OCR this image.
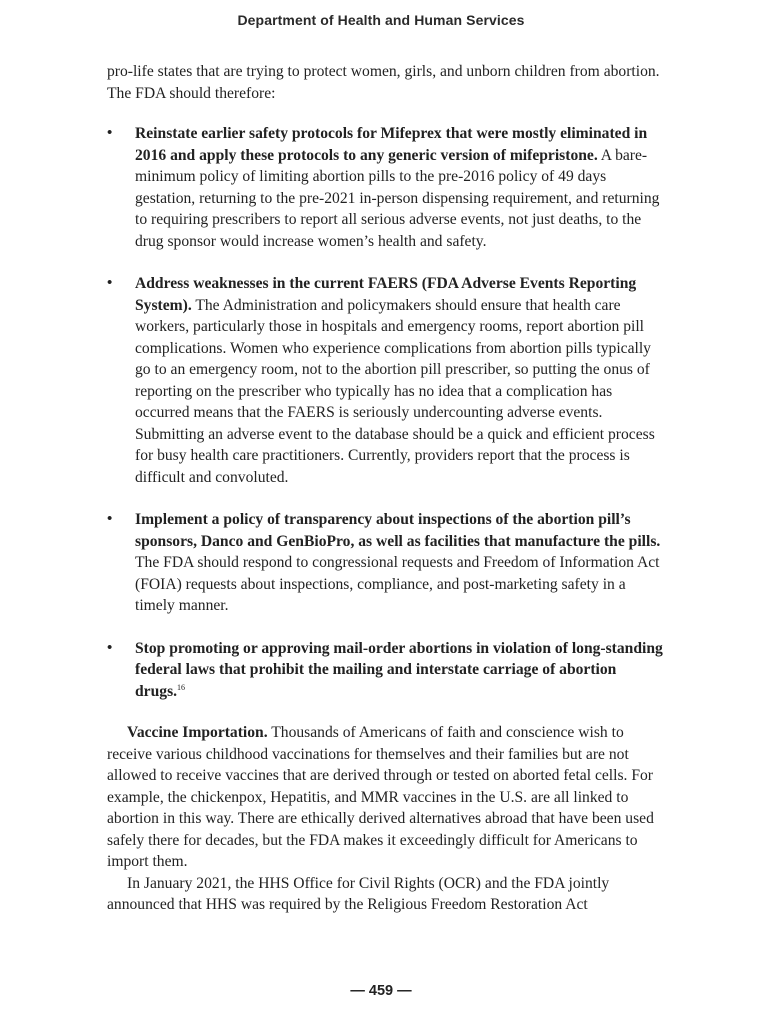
Department of Health and Human Services

pro-life states that are trying to protect women, girls, and unborn children from abortion. The FDA should therefore:

• Reinstate earlier safety protocols for Mifeprex that were mostly eliminated in 2016 and apply these protocols to any generic version of mifepristone. A bare-minimum policy of limiting abortion pills to the pre-2016 policy of 49 days gestation, returning to the pre-2021 in-person dispensing requirement, and returning to requiring prescribers to report all serious adverse events, not just deaths, to the drug sponsor would increase women’s health and safety.
• Address weaknesses in the current FAERS (FDA Adverse Events Reporting System). The Administration and policymakers should ensure that health care workers, particularly those in hospitals and emergency rooms, report abortion pill complications. Women who experience complications from abortion pills typically go to an emergency room, not to the abortion pill prescriber, so putting the onus of reporting on the prescriber who typically has no idea that a complication has occurred means that the FAERS is seriously undercounting adverse events. Submitting an adverse event to the database should be a quick and efficient process for busy health care practitioners. Currently, providers report that the process is difficult and convoluted.
• Implement a policy of transparency about inspections of the abortion pill’s sponsors, Danco and GenBioPro, as well as facilities that manufacture the pills. The FDA should respond to congressional requests and Freedom of Information Act (FOIA) requests about inspections, compliance, and post-marketing safety in a timely manner.
• Stop promoting or approving mail-order abortions in violation of long-standing federal laws that prohibit the mailing and interstate carriage of abortion drugs.$^{16}$

Vaccine Importation. Thousands of Americans of faith and conscience wish to receive various childhood vaccinations for themselves and their families but are not allowed to receive vaccines that are derived through or tested on aborted fetal cells. For example, the chickenpox, Hepatitis, and MMR vaccines in the U.S. are all linked to abortion in this way. There are ethically derived alternatives abroad that have been used safely there for decades, but the FDA makes it exceedingly difficult for Americans to import them.

In January 2021, the HHS Office for Civil Rights (OCR) and the FDA jointly announced that HHS was required by the Religious Freedom Restoration Act

— 459 —
